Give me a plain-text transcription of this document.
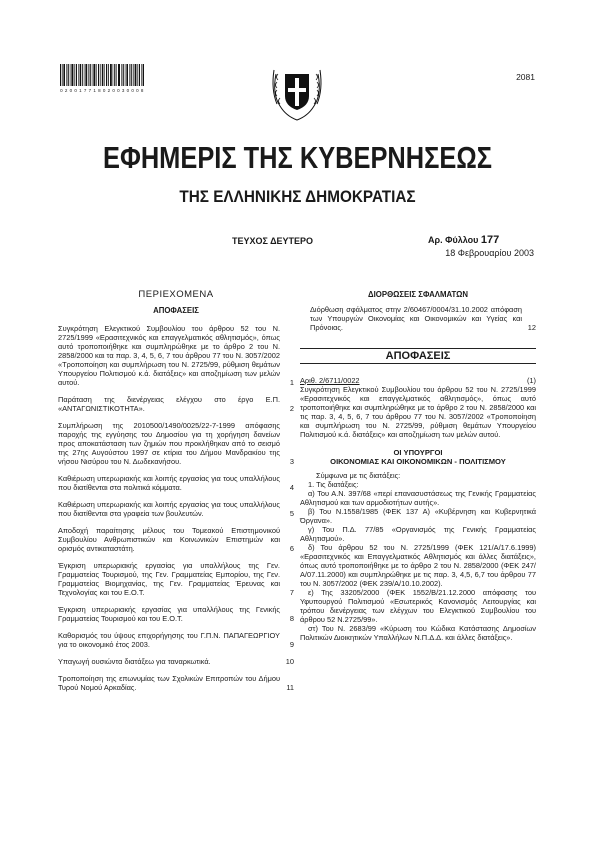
0 2 0 0 1 7 7 1 8 0 2 0 0 3 0 0 0 8
2081
ΕΦΗΜΕΡΙΣ ΤΗΣ ΚΥΒΕΡΝΗΣΕΩΣ
ΤΗΣ ΕΛΛΗΝΙΚΗΣ ΔΗΜΟΚΡΑΤΙΑΣ
ΤΕΥΧΟΣ ΔΕΥΤΕΡΟ	Αρ. Φύλλου 177
18 Φεβρουαρίου 2003
ΠΕΡΙΕΧΟΜΕΝΑ
ΑΠΟΦΑΣΕΙΣ
Συγκρότηση Ελεγκτικού Συμβουλίου του άρθρου 52 του Ν. 2725/1999 «Ερασιτεχνικός και επαγγελματικός αθλητισμός», όπως αυτό τροποποιήθηκε και συμπληρώθηκε με το άρθρο 2 του Ν. 2858/2000 και τα παρ. 3, 4, 5, 6, 7 του άρθρου 77 του Ν. 3057/2002 «Τροποποίηση και συμπλήρωση του Ν. 2725/99, ρύθμιση θεμάτων Υπουργείου Πολιτισμού κ.ά. διατάξεις» και αποζημίωση των μελών αυτού.	1
Παράταση της διενέργειας ελέγχου στο έργο Ε.Π. «ΑΝΤΑΓΩΝΙΣΤΙΚΟΤΗΤΑ».	2
Συμπλήρωση της 2010500/1490/0025/22-7-1999 απόφασης παροχής της εγγύησης του Δημοσίου για τη χορήγηση δανείων προς αποκατάσταση των ζημιών που προκλήθηκαν από το σεισμό της 27ης Αυγούστου 1997 σε κτίρια του Δήμου Μανδρακίου της νήσου Νισύρου του Ν. Δωδεκανήσου.	3
Καθιέρωση υπερωριακής και λοιπής εργασίας για τους υπαλλήλους που διατίθενται στα πολιτικά κόμματα.	4
Καθιέρωση υπερωριακής και λοιπής εργασίας για τους υπαλλήλους που διατίθενται στα γραφεία των βουλευτών.	5
Αποδοχή παραίτησης μέλους του Τομεακού Επιστημονικού Συμβουλίου Ανθρωπιστικών και Κοινωνικών Επιστημών και ορισμός αντικαταστάτη.	6
Έγκριση υπερωριακής εργασίας για υπαλλήλους της Γεν. Γραμματείας Τουρισμού, της Γεν. Γραμματείας Εμπορίου, της Γεν. Γραμματείας Βιομηχανίας, της Γεν. Γραμματείας Έρευνας και Τεχνολογίας και του Ε.Ο.Τ.	7
Έγκριση υπερωριακής εργασίας για υπαλλήλους της Γενικής Γραμματείας Τουρισμού και του Ε.Ο.Τ.	8
Καθορισμός του ύψους επιχορήγησης του Γ.Π.Ν. ΠΑΠΑΓΕΩΡΓΙΟΥ για το οικονομικό έτος 2003.	9
Υπαγωγή ουσιώντα διατάξεω για ταναρκωτικά.	10
Τροποποίηση της επωνυμίας των Σχολικών Επιτροπών του Δήμου Τυρού Νομού Αρκαδίας.	11
ΔΙΟΡΘΩΣΕΙΣ ΣΦΑΛΜΑΤΩΝ
Διόρθωση σφάλματος στην 2/60467/0004/31.10.2002 απόφαση των Υπουργών Οικονομίας και Οικονομικών και Υγείας και Πρόνοιας.	12
ΑΠΟΦΑΣΕΙΣ
Αριθ. 2/6711/0022	(1)
Συγκρότηση Ελεγκτικού Συμβουλίου του άρθρου 52 του Ν. 2725/1999 «Ερασιτεχνικός και επαγγελματικός αθλητισμός», όπως αυτό τροποποιήθηκε και συμπληρώθηκε με το άρθρο 2 του Ν. 2858/2000 και τις παρ. 3, 4, 5, 6, 7 του άρθρου 77 του Ν. 3057/2002 «Τροποποίηση και συμπλήρωση του Ν. 2725/99, ρύθμιση θεμάτων Υπουργείου Πολιτισμού κ.ά. διατάξεις» και αποζημίωση των μελών αυτού.
ΟΙ ΥΠΟΥΡΓΟΙ
ΟΙΚΟΝΟΜΙΑΣ ΚΑΙ ΟΙΚΟΝΟΜΙΚΩΝ - ΠΟΛΙΤΙΣΜΟΥ
Σύμφωνα με τις διατάξεις:
1. Τις διατάξεις:
α) Του Α.Ν. 397/68 «περί επανασυστάσεως της Γενικής Γραμματείας Αθλητισμού και των αρμοδιοτήτων αυτής».
β) Του Ν.1558/1985 (ΦΕΚ 137 Α) «Κυβέρνηση και Κυβερνητικά Όργανα».
γ) Του Π.Δ. 77/85 «Οργανισμός της Γενικής Γραμματείας Αθλητισμού».
δ) Του άρθρου 52 του Ν. 2725/1999 (ΦΕΚ 121/Α/17.6.1999) «Ερασιτεχνικός και Επαγγελματικός Αθλητισμός και άλλες διατάξεις», όπως αυτό τροποποιήθηκε με το άρθρο 2 του Ν. 2858/2000 (ΦΕΚ 247/Α/07.11.2000) και συμπληρώθηκε με τις παρ. 3, 4,5, 6,7 του άρθρου 77 του Ν. 3057/2002 (ΦΕΚ 239/Α/10.10.2002).
ε) Της 33205/2000 (ΦΕΚ 1552/Β/21.12.2000 απόφασης του Υφυπουργού Πολιτισμού «Εσωτερικός Κανονισμός Λειτουργίας και τρόπου διενέργειας των ελέγχων του Ελεγκτικού Συμβουλίου του άρθρου 52 Ν.2725/99».
στ) Του Ν. 2683/99 «Κύρωση του Κώδικα Κατάστασης Δημοσίων Πολιτικών Διοικητικών Υπαλλήλων Ν.Π.Δ.Δ. και άλλες διατάξεις».
